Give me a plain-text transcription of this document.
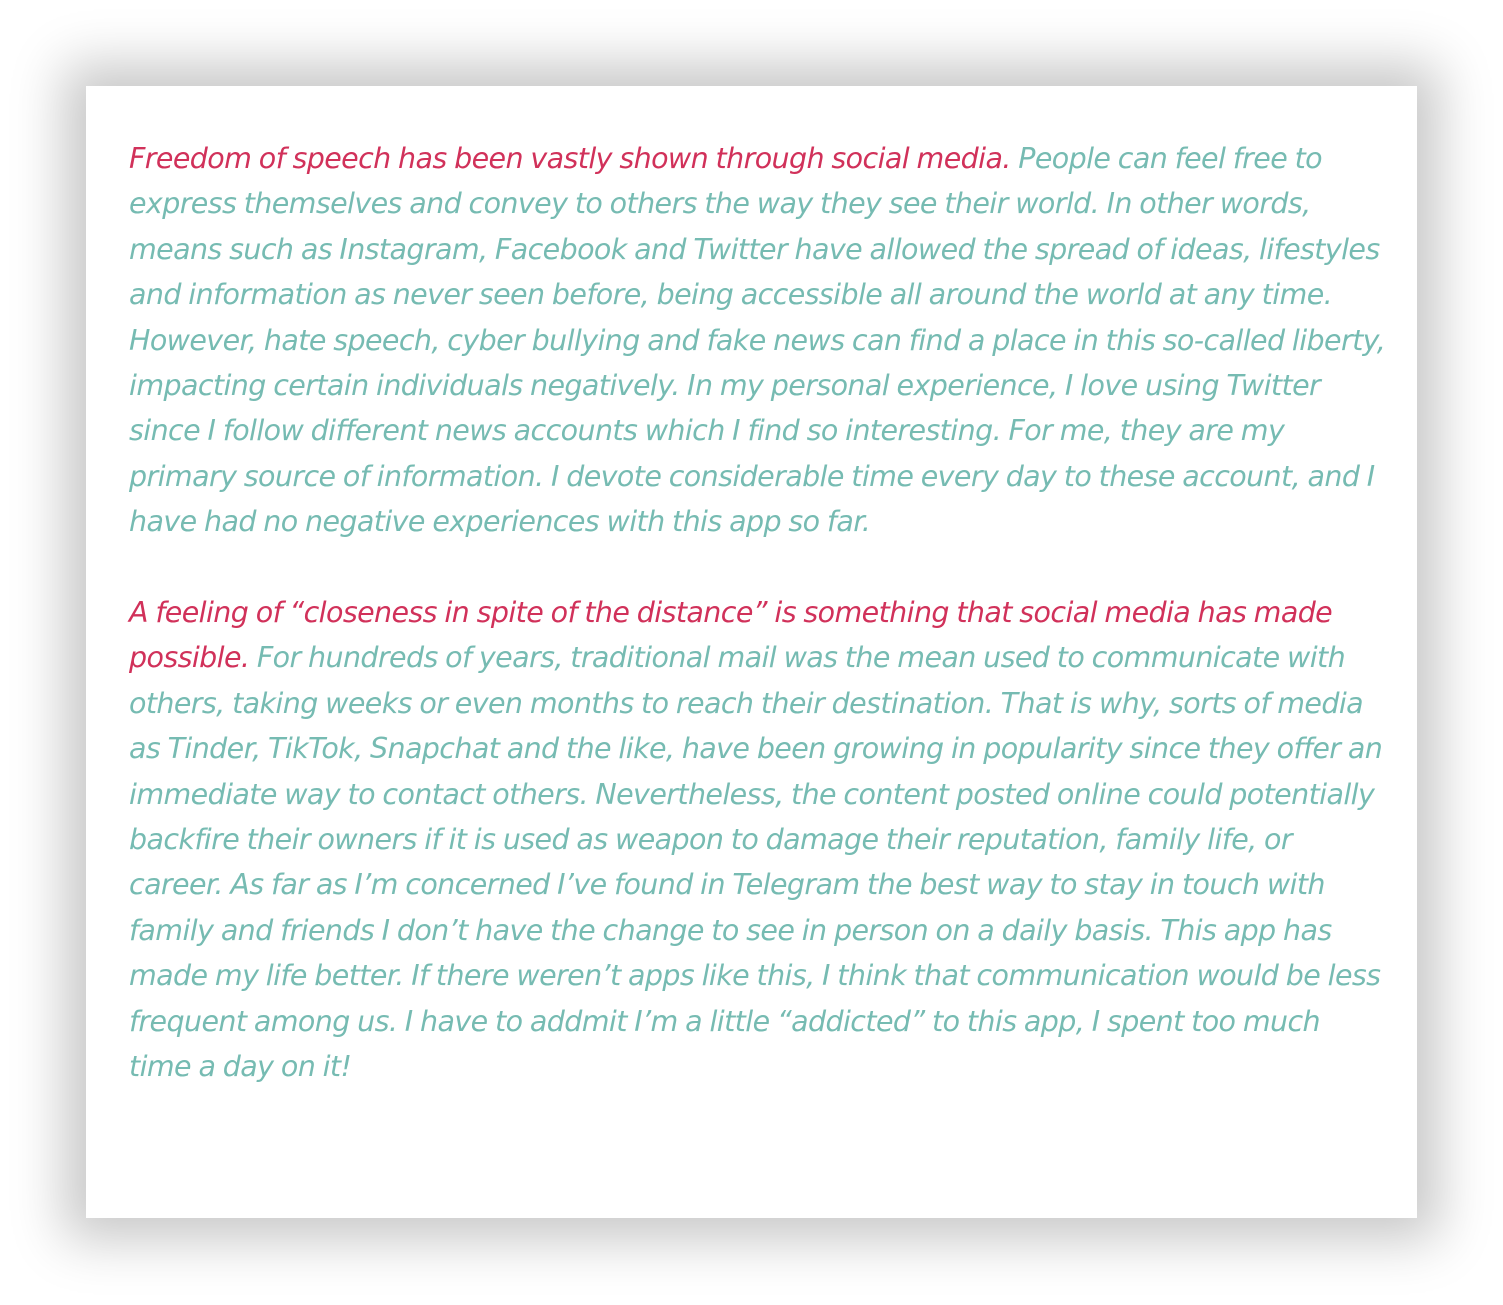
Freedom of speech has been vastly shown through social media. People can feel free to express themselves and convey to others the way they see their world. In other words, means such as Instagram, Facebook and Twitter have allowed the spread of ideas, lifestyles and information as never seen before, being accessible all around the world at any time. However, hate speech, cyber bullying and fake news can find a place in this so-called liberty, impacting certain individuals negatively. In my personal experience, I love using Twitter since I follow different news accounts which I find so interesting. For me, they are my primary source of information. I devote considerable time every day to these account, and I have had no negative experiences with this app so far.

A feeling of “closeness in spite of the distance” is something that social media has made possible. For hundreds of years, traditional mail was the mean used to communicate with others, taking weeks or even months to reach their destination. That is why, sorts of media as Tinder, TikTok, Snapchat and the like, have been growing in popularity since they offer an immediate way to contact others. Nevertheless, the content posted online could potentially backfire their owners if it is used as weapon to damage their reputation, family life, or career. As far as I’m concerned I’ve found in Telegram the best way to stay in touch with family and friends I don’t have the change to see in person on a daily basis. This app has made my life better. If there weren’t apps like this, I think that communication would be less frequent among us. I have to addmit I’m a little “addicted” to this app, I spent too much time a day on it!
